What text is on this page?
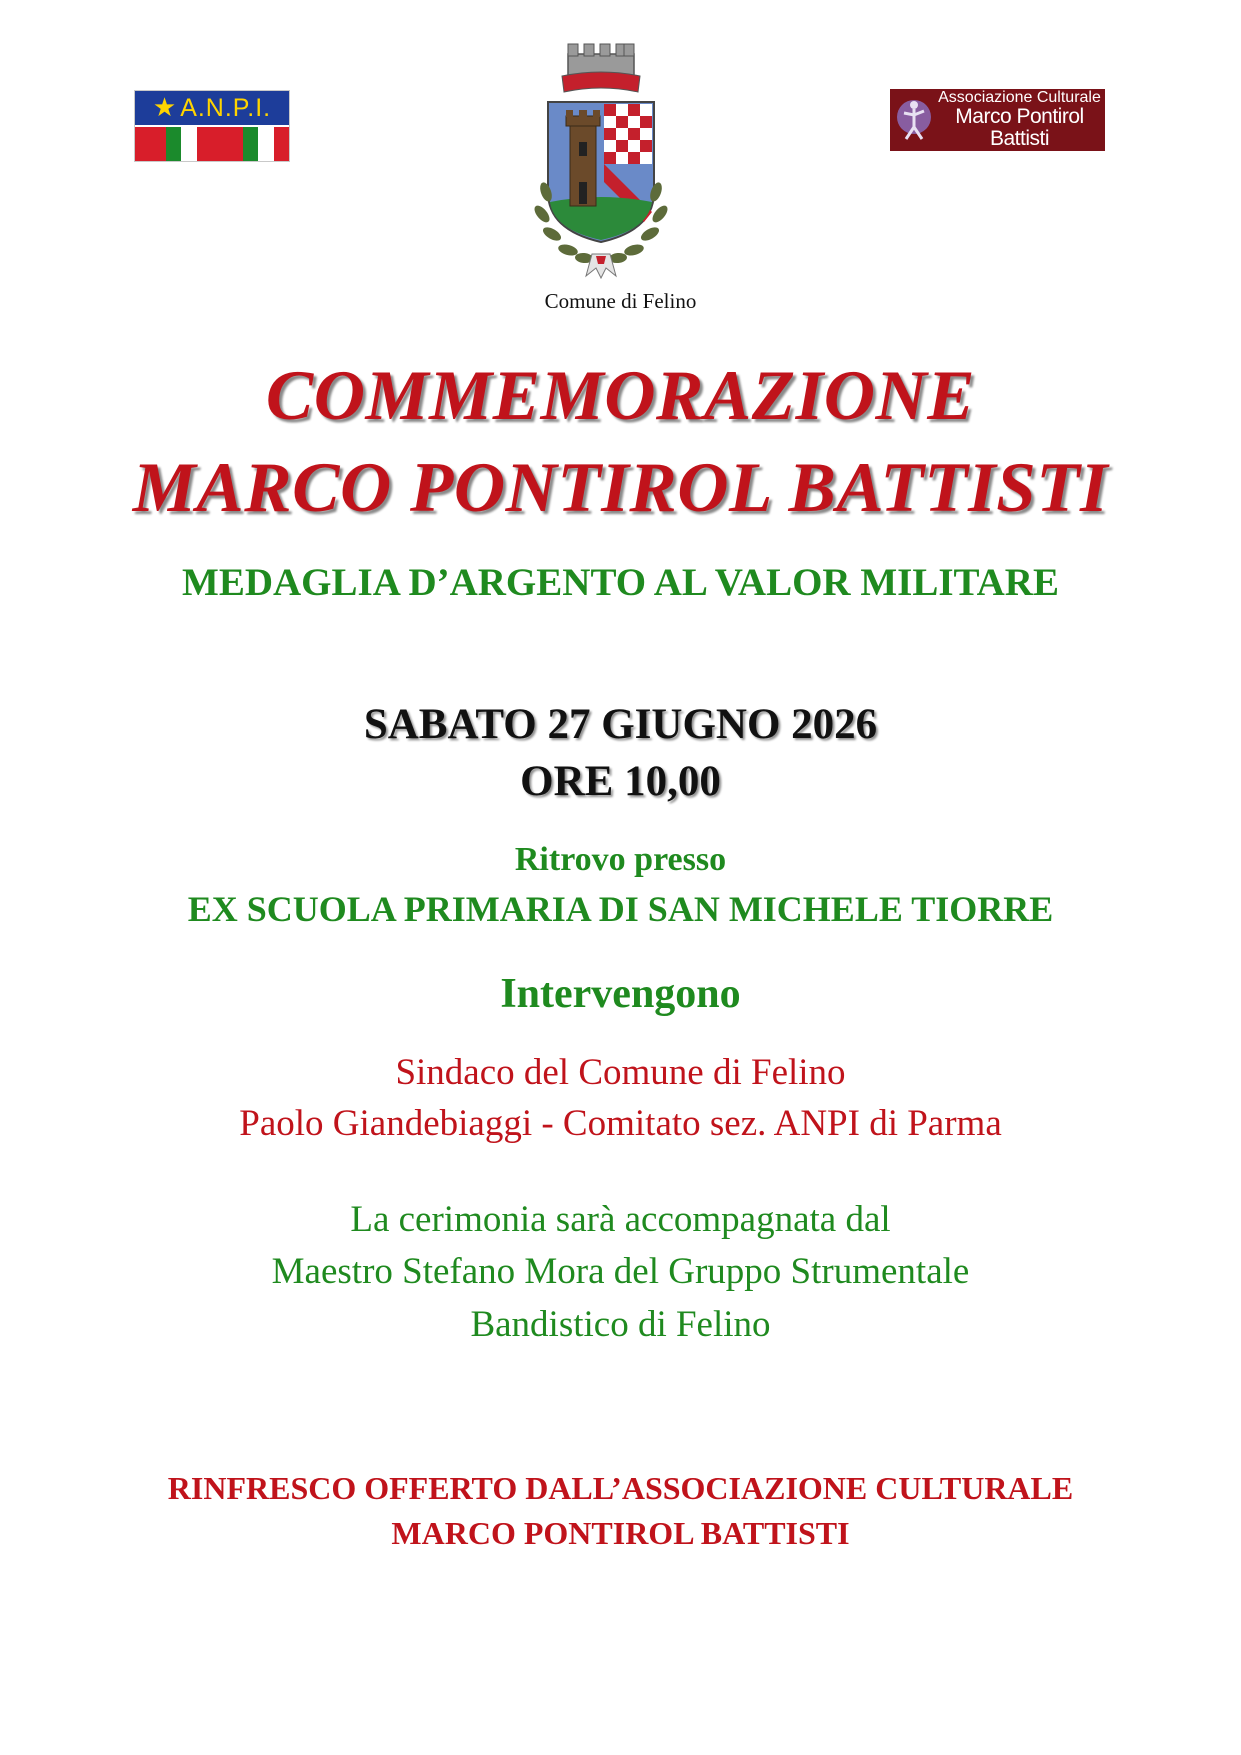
★ A.N.P.I.
Comune di Felino
Associazione Culturale
Marco Pontirol Battisti
COMMEMORAZIONE
MARCO PONTIROL BATTISTI
MEDAGLIA D’ARGENTO AL VALOR MILITARE
SABATO 27 GIUGNO 2026
ORE 10,00
Ritrovo presso
EX SCUOLA PRIMARIA DI SAN MICHELE TIORRE
Intervengono
Sindaco del Comune di Felino
Paolo Giandebiaggi - Comitato sez. ANPI di Parma
La cerimonia sarà accompagnata dal
Maestro Stefano Mora del Gruppo Strumentale
Bandistico di Felino
RINFRESCO OFFERTO DALL’ASSOCIAZIONE CULTURALE
MARCO PONTIROL BATTISTI
